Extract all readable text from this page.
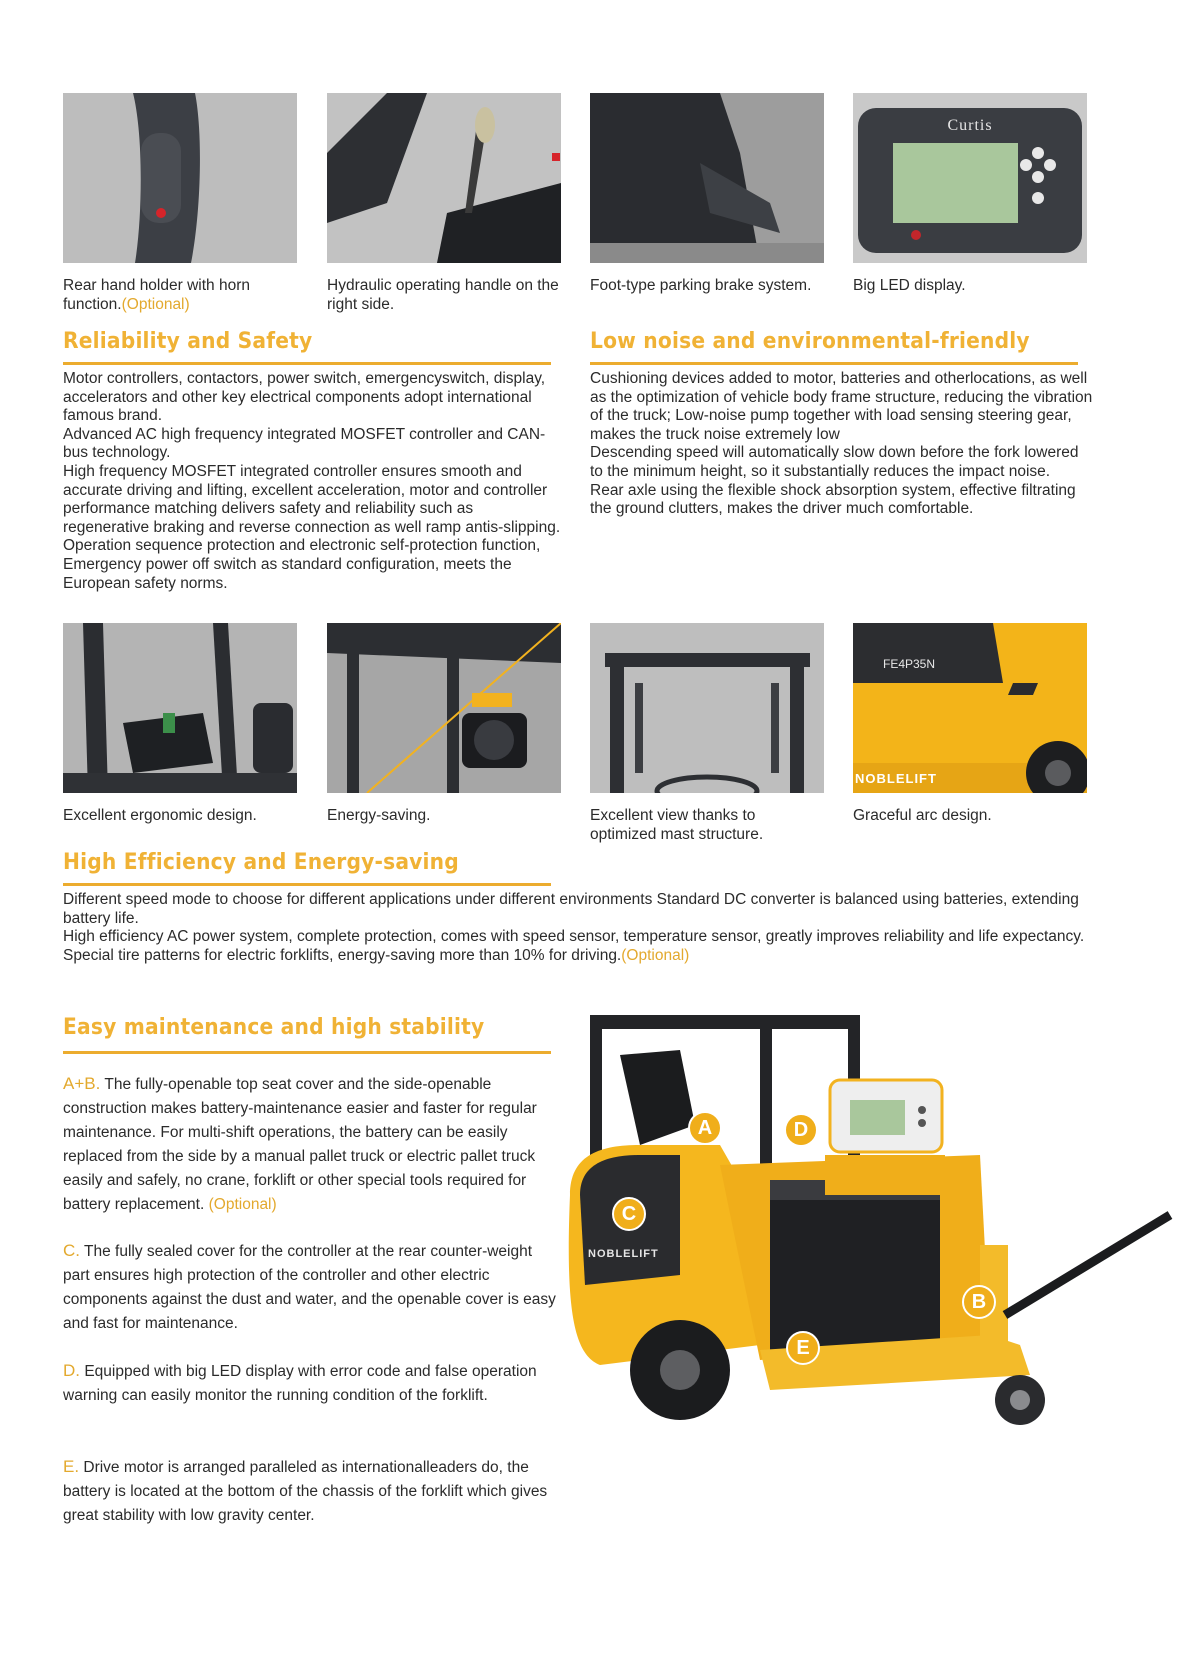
Curtis
Rear hand holder with horn function.(Optional)
Hydraulic operating handle on the right side.
Foot-type parking brake system.	Big LED display.
Reliability and Safety

Motor controllers, contactors, power switch, emergencyswitch, display, accelerators and other key electrical components adopt international famous brand.

Advanced AC high frequency integrated MOSFET controller and CAN-bus technology.

High frequency MOSFET integrated controller ensures smooth and accurate driving and lifting, excellent acceleration, motor and controller performance matching delivers safety and reliability such as regenerative braking and reverse connection as well ramp antis-slipping.

Operation sequence protection and electronic self-protection function, Emergency power off switch as standard configuration, meets the European safety norms.

Low noise and environmental-friendly

Cushioning devices added to motor, batteries and otherlocations, as well as the optimization of vehicle body frame structure, reducing the vibration of the truck; Low-noise pump together with load sensing steering gear, makes the truck noise extremely low

Descending speed will automatically slow down before the fork lowered to the minimum height, so it substantially reduces the impact noise.

Rear axle using the flexible shock absorption system, effective filtrating the ground clutters, makes the driver much comfortable.

FE4P35N
NOBLELIFT
Excellent ergonomic design.	Energy-saving.	Excellent view thanks to optimized mast structure.
Graceful arc design.
High Efficiency and Energy-saving

Different speed mode to choose for different applications under different environments Standard DC converter is balanced using batteries, extending battery life.

High efficiency AC power system, complete protection, comes with speed sensor, temperature sensor, greatly improves reliability and life expectancy.

Special tire patterns for electric forklifts, energy-saving more than 10% for driving.(Optional)

Easy maintenance and high stability
A+B. The fully-openable top seat cover and the side-openable construction makes battery-maintenance easier and faster for regular maintenance. For multi-shift operations, the battery can be easily replaced from the side by a manual pallet truck or electric pallet truck easily and safely, no crane, forklift or other special tools required for battery replacement. (Optional)
C. The fully sealed cover for the controller at the rear counter-weight part ensures high protection of the controller and other electric components against the dust and water, and the openable cover is easy and fast for maintenance.
D. Equipped with big LED display with error code and false operation warning can easily monitor the running condition of the forklift.
E. Drive motor is arranged paralleled as internationalleaders do, the battery is located at the bottom of the chassis of the forklift which gives great stability with low gravity center.
A
B
C
D
E
NOBLELIFT
